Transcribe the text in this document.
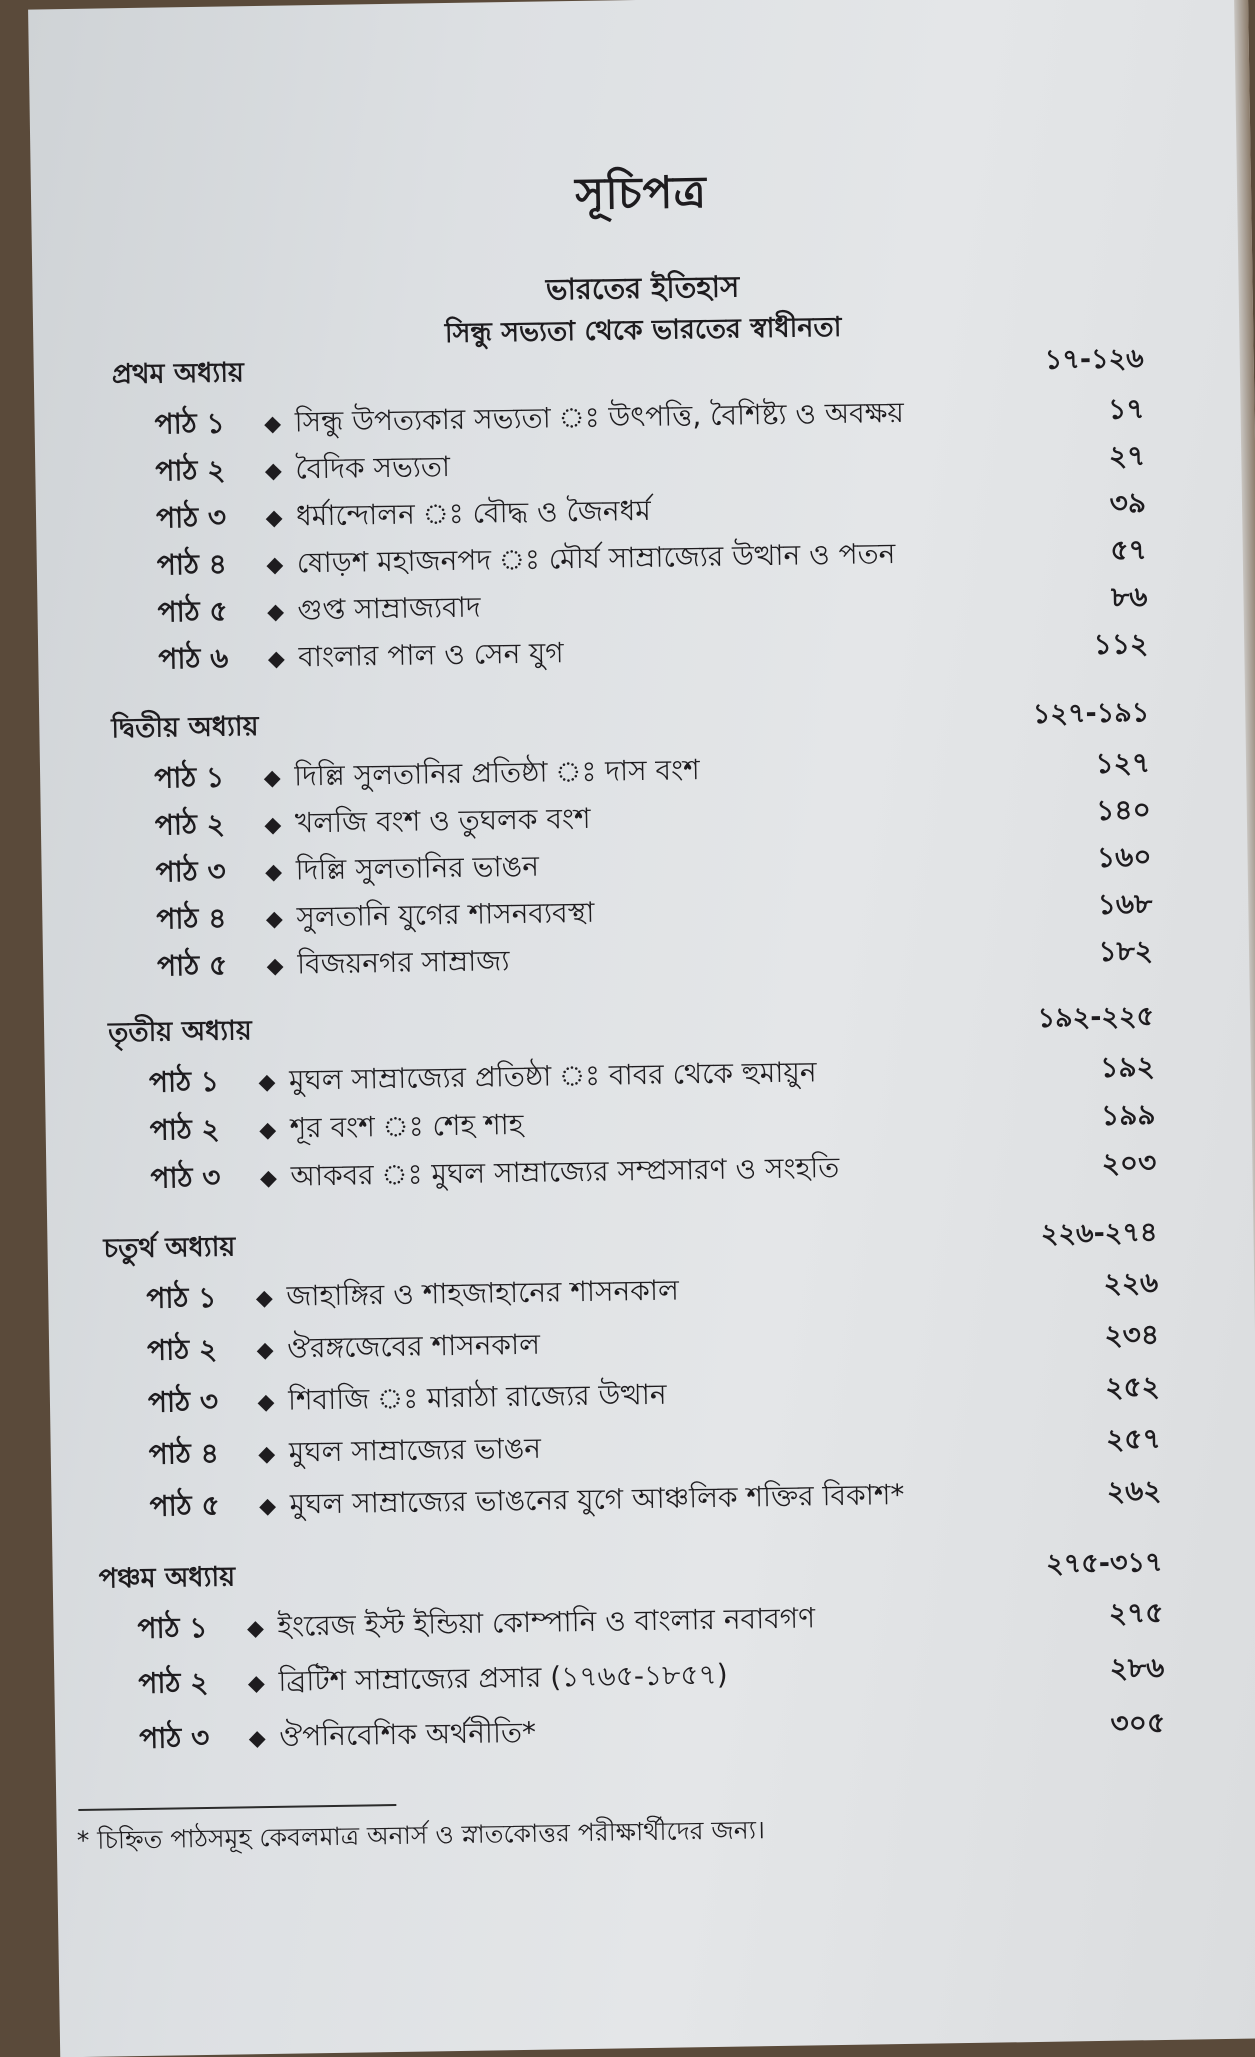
সূচিপত্র
ভারতের ইতিহাস
সিন্ধু সভ্যতা থেকে ভারতের স্বাধীনতা
প্রথম অধ্যায়	১৭-১২৬
পাঠ ১	◆ সিন্ধু উপত্যকার সভ্যতা ঃ উৎপত্তি, বৈশিষ্ট্য ও অবক্ষয়	১৭
পাঠ ২	◆ বৈদিক সভ্যতা	২৭
পাঠ ৩	◆ ধর্মান্দোলন ঃ বৌদ্ধ ও জৈনধর্ম	৩৯
পাঠ ৪	◆ ষোড়শ মহাজনপদ ঃ মৌর্য সাম্রাজ্যের উত্থান ও পতন	৫৭
পাঠ ৫	◆ গুপ্ত সাম্রাজ্যবাদ	৮৬
পাঠ ৬	◆ বাংলার পাল ও সেন যুগ	১১২
দ্বিতীয় অধ্যায়	১২৭-১৯১
পাঠ ১	◆ দিল্লি সুলতানির প্রতিষ্ঠা ঃ দাস বংশ	১২৭
পাঠ ২	◆ খলজি বংশ ও তুঘলক বংশ	১৪০
পাঠ ৩	◆ দিল্লি সুলতানির ভাঙন	১৬০
পাঠ ৪	◆ সুলতানি যুগের শাসনব্যবস্থা	১৬৮
পাঠ ৫	◆ বিজয়নগর সাম্রাজ্য	১৮২
তৃতীয় অধ্যায়	১৯২-২২৫
পাঠ ১	◆ মুঘল সাম্রাজ্যের প্রতিষ্ঠা ঃ বাবর থেকে হুমায়ুন	১৯২
পাঠ ২	◆ শূর বংশ ঃ শেহ শাহ	১৯৯
পাঠ ৩	◆ আকবর ঃ মুঘল সাম্রাজ্যের সম্প্রসারণ ও সংহতি	২০৩
চতুর্থ অধ্যায়	২২৬-২৭৪
পাঠ ১	◆ জাহাঙ্গির ও শাহজাহানের শাসনকাল	২২৬
পাঠ ২	◆ ঔরঙ্গজেবের শাসনকাল	২৩৪
পাঠ ৩	◆ শিবাজি ঃ মারাঠা রাজ্যের উত্থান	২৫২
পাঠ ৪	◆ মুঘল সাম্রাজ্যের ভাঙন	২৫৭
পাঠ ৫	◆ মুঘল সাম্রাজ্যের ভাঙনের যুগে আঞ্চলিক শক্তির বিকাশ*	২৬২
পঞ্চম অধ্যায়	২৭৫-৩১৭
পাঠ ১	◆ ইংরেজ ইস্ট ইন্ডিয়া কোম্পানি ও বাংলার নবাবগণ	২৭৫
পাঠ ২	◆ ব্রিটিশ সাম্রাজ্যের প্রসার (১৭৬৫-১৮৫৭)	২৮৬
পাঠ ৩	◆ ঔপনিবেশিক অর্থনীতি*	৩০৫
* চিহ্নিত পাঠসমূহ কেবলমাত্র অনার্স ও স্নাতকোত্তর পরীক্ষার্থীদের জন্য।
